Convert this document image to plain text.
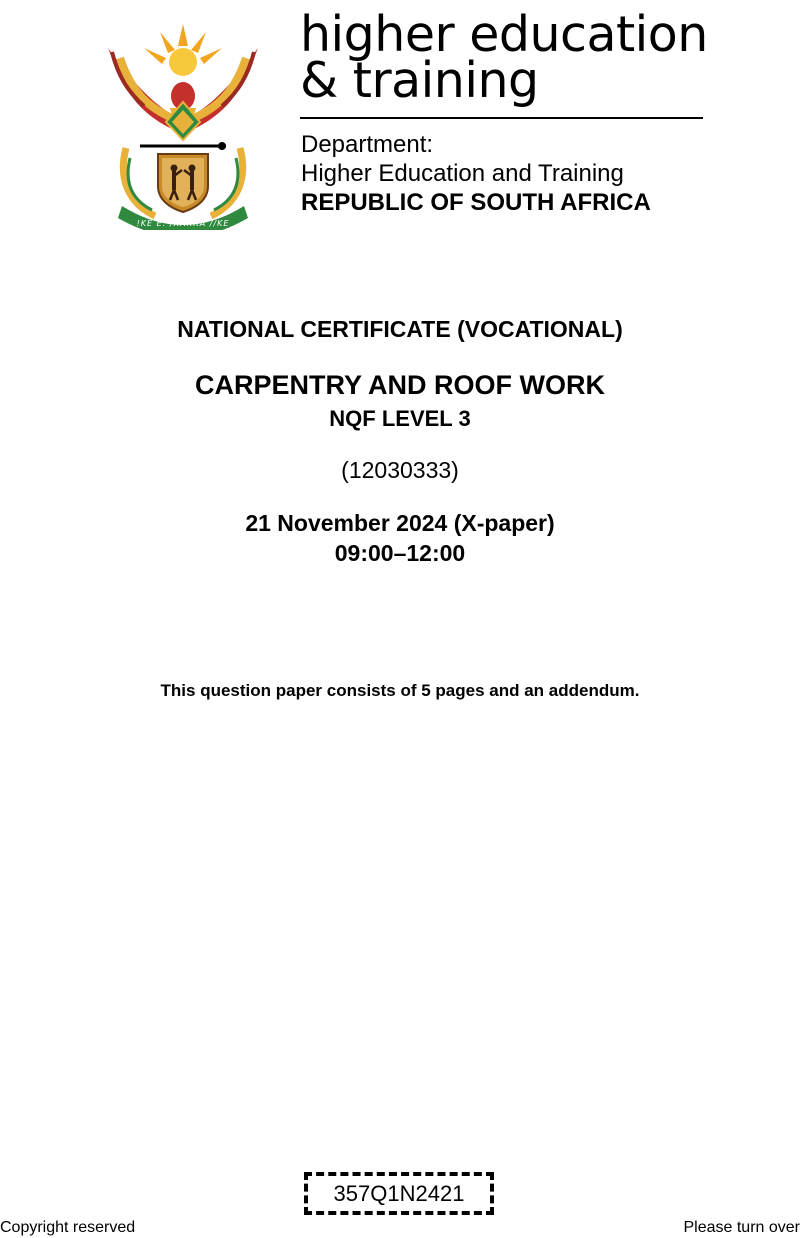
!KE E: /XARRA //KE
higher education
& training
Department:
Higher Education and Training
REPUBLIC OF SOUTH AFRICA
NATIONAL CERTIFICATE (VOCATIONAL)
CARPENTRY AND ROOF WORK
NQF LEVEL 3
(12030333)
21 November 2024 (X-paper)
09:00–12:00
This question paper consists of 5 pages and an addendum.
357Q1N2421
Copyright reserved	Please turn over
